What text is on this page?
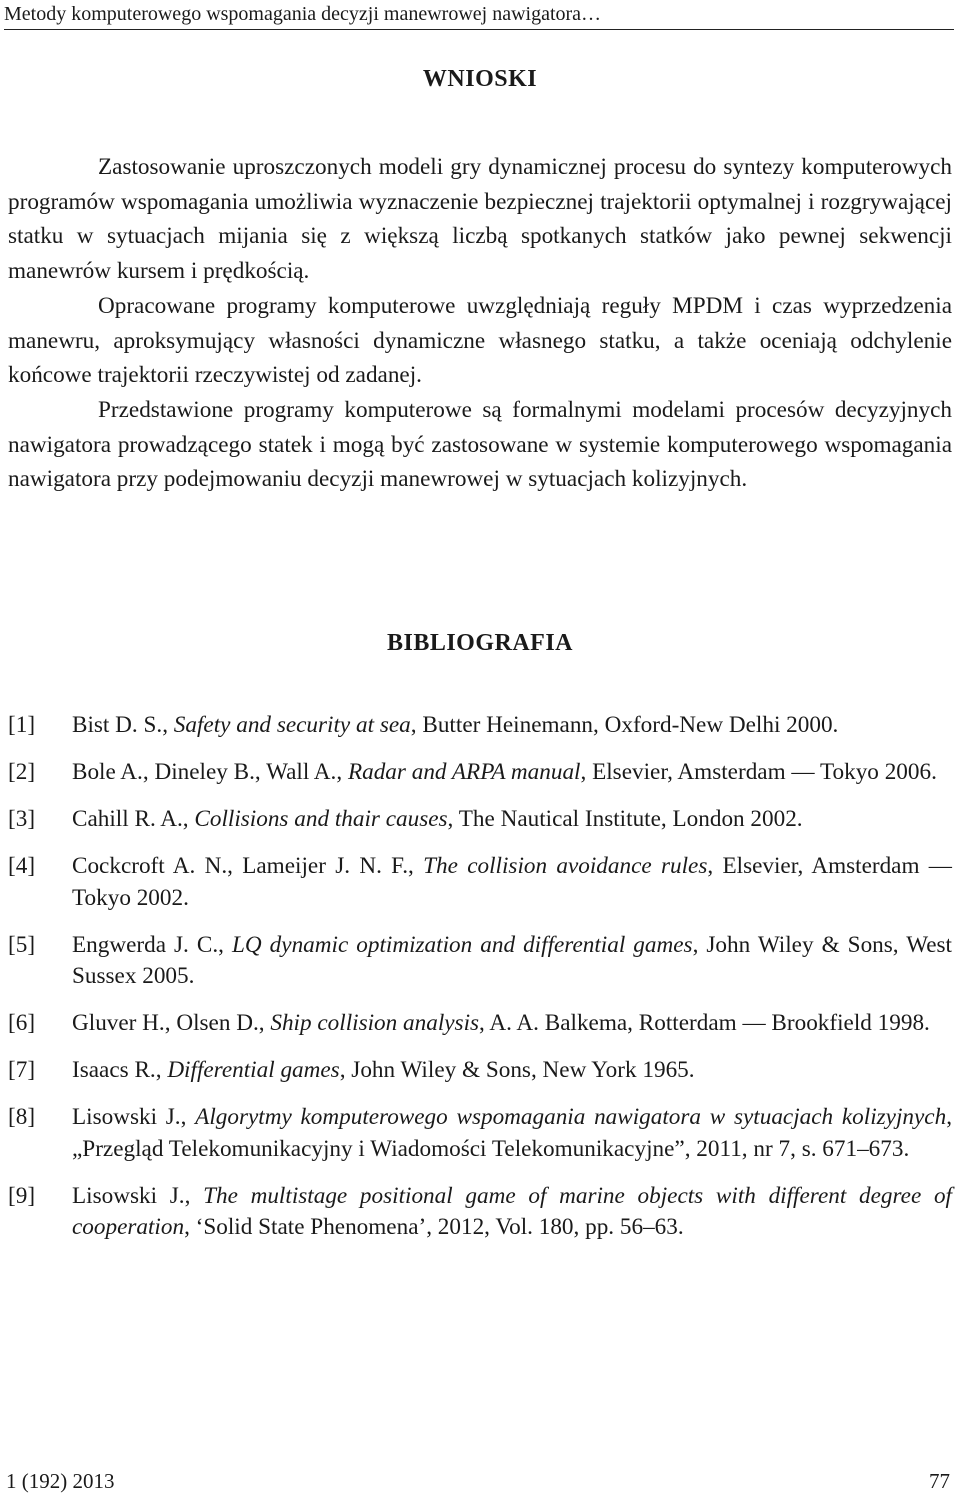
Metody komputerowego wspomagania decyzji manewrowej nawigatora…
WNIOSKI

Zastosowanie uproszczonych modeli gry dynamicznej procesu do syntezy komputerowych programów wspomagania umożliwia wyznaczenie bezpiecznej trajektorii optymalnej i rozgrywającej statku w sytuacjach mijania się z większą liczbą spotkanych statków jako pewnej sekwencji manewrów kursem i prędkością.

Opracowane programy komputerowe uwzględniają reguły MPDM i czas wyprzedzenia manewru, aproksymujący własności dynamiczne własnego statku, a także oceniają odchylenie końcowe trajektorii rzeczywistej od zadanej.

Przedstawione programy komputerowe są formalnymi modelami procesów decyzyjnych nawigatora prowadzącego statek i mogą być zastosowane w systemie komputerowego wspomagania nawigatora przy podejmowaniu decyzji manewrowej w sytuacjach kolizyjnych.

BIBLIOGRAFIA
[1] Bist D. S., Safety and security at sea, Butter Heinemann, Oxford-New Delhi 2000.
[2] Bole A., Dineley B., Wall A., Radar and ARPA manual, Elsevier, Amsterdam — Tokyo 2006.
[3] Cahill R. A., Collisions and thair causes, The Nautical Institute, London 2002.
[4] Cockcroft A. N., Lameijer J. N. F., The collision avoidance rules, Elsevier, Amsterdam — Tokyo 2002.
[5] Engwerda J. C., LQ dynamic optimization and differential games, John Wiley & Sons, West Sussex 2005.
[6] Gluver H., Olsen D., Ship collision analysis, A. A. Balkema, Rotterdam — Brookfield 1998.
[7] Isaacs R., Differential games, John Wiley & Sons, New York 1965.
[8] Lisowski J., Algorytmy komputerowego wspomagania nawigatora w sytuacjach kolizyjnych, „Przegląd Telekomunikacyjny i Wiadomości Telekomunikacyjne”, 2011, nr 7, s. 671–673.
[9] Lisowski J., The multistage positional game of marine objects with different degree of cooperation, ‘Solid State Phenomena’, 2012, Vol. 180, pp. 56–63.
1 (192) 2013	77
